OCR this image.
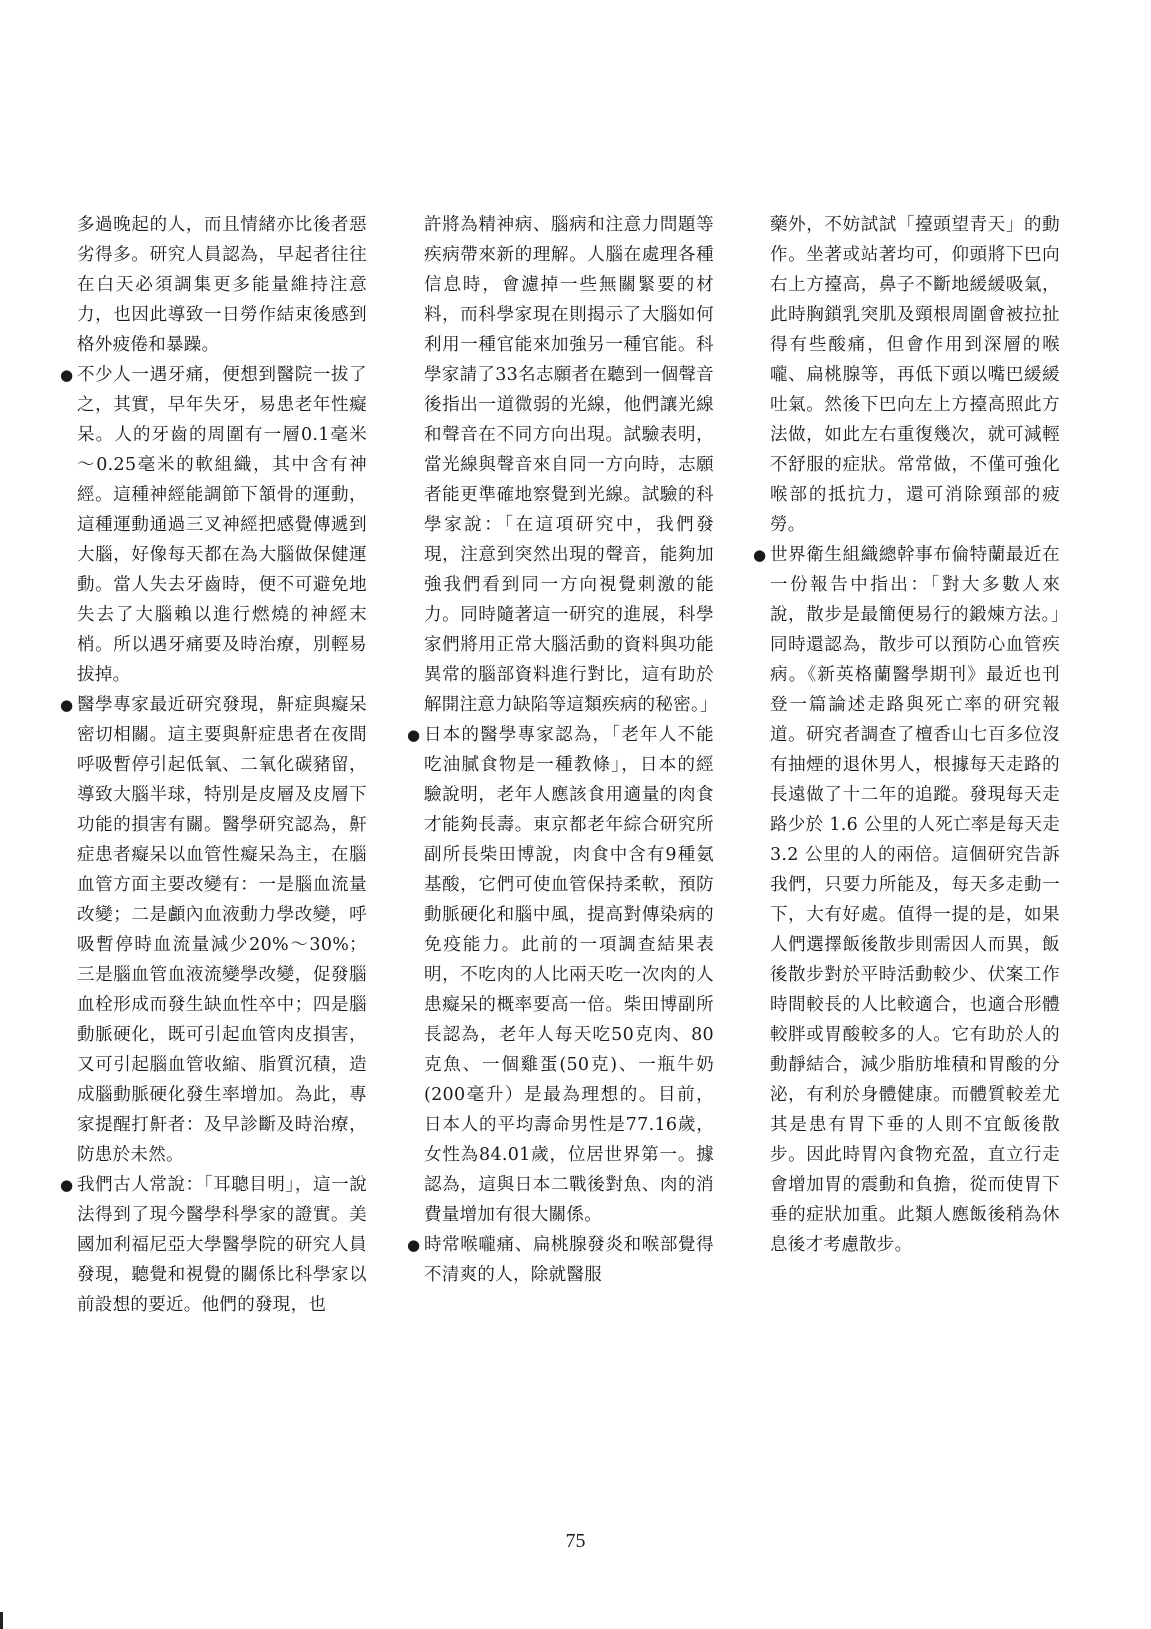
多過晚起的人，而且情緒亦比後者惡劣得多。研究人員認為，早起者往往在白天必須調集更多能量維持注意力，也因此導致一日勞作結束後感到格外疲倦和暴躁。

● 不少人一遇牙痛，便想到醫院一拔了之，其實，早年失牙，易患老年性癡呆。人的牙齒的周圍有一層0.1毫米～0.25毫米的軟組織，其中含有神經。這種神經能調節下頷骨的運動，這種運動通過三叉神經把感覺傳遞到大腦，好像每天都在為大腦做保健運動。當人失去牙齒時，便不可避免地失去了大腦賴以進行燃燒的神經末梢。所以遇牙痛要及時治療，別輕易拔掉。

● 醫學專家最近研究發現，鼾症與癡呆密切相關。這主要與鼾症患者在夜間呼吸暫停引起低氧、二氧化碳豬留，導致大腦半球，特別是皮層及皮層下功能的損害有關。醫學研究認為，鼾症患者癡呆以血管性癡呆為主，在腦血管方面主要改變有：一是腦血流量改變；二是顱內血液動力學改變，呼吸暫停時血流量減少20%～30%；三是腦血管血液流變學改變，促發腦血栓形成而發生缺血性卒中；四是腦動脈硬化，既可引起血管肉皮損害，又可引起腦血管收縮、脂質沉積，造成腦動脈硬化發生率增加。為此，專家提醒打鼾者：及早診斷及時治療，防患於未然。

● 我們古人常說：「耳聰目明」，這一說法得到了現今醫學科學家的證實。美國加利福尼亞大學醫學院的研究人員發現，聽覺和視覺的關係比科學家以前設想的要近。他們的發現，也

許將為精神病、腦病和注意力問題等疾病帶來新的理解。人腦在處理各種信息時，會濾掉一些無關緊要的材料，而科學家現在則揭示了大腦如何利用一種官能來加強另一種官能。科學家請了33名志願者在聽到一個聲音後指出一道微弱的光線，他們讓光線和聲音在不同方向出現。試驗表明，當光線與聲音來自同一方向時，志願者能更準確地察覺到光線。試驗的科學家說：「在這項研究中，我們發現，注意到突然出現的聲音，能夠加強我們看到同一方向視覺刺激的能力。同時隨著這一研究的進展，科學家們將用正常大腦活動的資料與功能異常的腦部資料進行對比，這有助於解開注意力缺陷等這類疾病的秘密。」

● 日本的醫學專家認為，「老年人不能吃油膩食物是一種教條」，日本的經驗說明，老年人應該食用適量的肉食才能夠長壽。東京都老年綜合研究所副所長柴田博說，肉食中含有9種氨基酸，它們可使血管保持柔軟，預防動脈硬化和腦中風，提高對傳染病的免疫能力。此前的一項調查結果表明，不吃肉的人比兩天吃一次肉的人患癡呆的概率要高一倍。柴田博副所長認為，老年人每天吃50克肉、80克魚、一個雞蛋(50克)、一瓶牛奶(200毫升）是最為理想的。目前，日本人的平均壽命男性是77.16歲，女性為84.01歲，位居世界第一。據認為，這與日本二戰後對魚、肉的消費量增加有很大關係。

● 時常喉嚨痛、扁桃腺發炎和喉部覺得不清爽的人，除就醫服

藥外，不妨試試「擡頭望青天」的動作。坐著或站著均可，仰頭將下巴向右上方擡高，鼻子不斷地緩緩吸氣，此時胸鎖乳突肌及頸根周圍會被拉扯得有些酸痛，但會作用到深層的喉嚨、扁桃腺等，再低下頭以嘴巴緩緩吐氣。然後下巴向左上方擡高照此方法做，如此左右重復幾次，就可減輕不舒服的症狀。常常做，不僅可強化喉部的抵抗力，還可消除頸部的疲勞。

● 世界衛生組織總幹事布倫特蘭最近在一份報告中指出：「對大多數人來說，散步是最簡便易行的鍛煉方法。」同時還認為，散步可以預防心血管疾病。《新英格蘭醫學期刊》最近也刊登一篇論述走路與死亡率的研究報道。研究者調查了檀香山七百多位沒有抽煙的退休男人，根據每天走路的長遠做了十二年的追蹤。發現每天走路少於 1.6 公里的人死亡率是每天走 3.2 公里的人的兩倍。這個研究告訴我們，只要力所能及，每天多走動一下，大有好處。值得一提的是，如果人們選擇飯後散步則需因人而異，飯後散步對於平時活動較少、伏案工作時間較長的人比較適合，也適合形體較胖或胃酸較多的人。它有助於人的動靜結合，減少脂肪堆積和胃酸的分泌，有利於身體健康。而體質較差尤其是患有胃下垂的人則不宜飯後散步。因此時胃內食物充盈，直立行走會增加胃的震動和負擔，從而使胃下垂的症狀加重。此類人應飯後稍為休息後才考慮散步。

75
